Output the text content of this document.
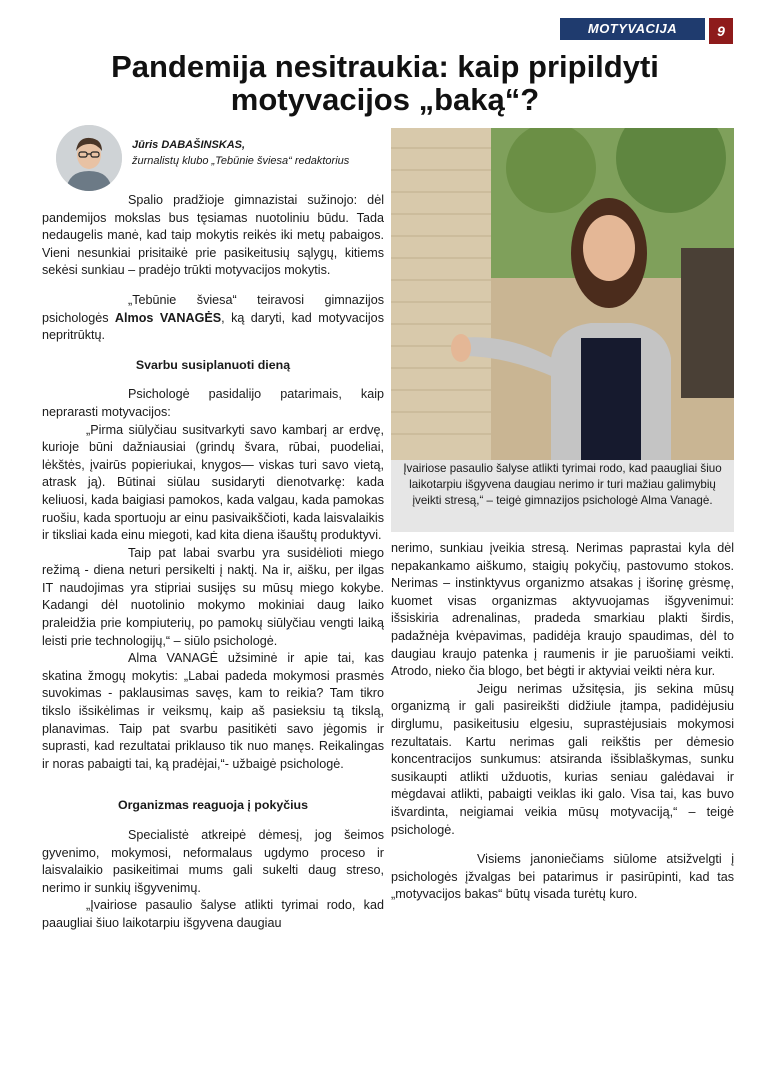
MOTYVACIJA	9
Pandemija nesitraukia: kaip pripildyti
motyvacijos „baką“?
Jūris DABAŠINSKAS,
žurnalistų klubo „Tebūnie šviesa“ redaktorius

Spalio pradžioje gimnazistai sužinojo: dėl pandemijos mokslas bus tęsiamas nuotoliniu būdu. Tada nedaugelis manė, kad taip mokytis reikės iki metų pabaigos. Vieni nesunkiai prisitaikė prie pasikeitusių sąlygų, kitiems sekėsi sunkiau – pradėjo trūkti motyvacijos mokytis.

„Tebūnie šviesa“ teiravosi gimnazijos psichologės Almos VANAGĖS, ką daryti, kad motyvacijos nepritrūktų.

Svarbu susiplanuoti dieną

Psichologė pasidalijo patarimais, kaip neprarasti motyvacijos:

„Pirma siūlyčiau susitvarkyti savo kambarį ar erdvę, kurioje būni dažniausiai (grindų švara, rūbai, puodeliai, lėkštės, įvairūs popieriukai, knygos— viskas turi savo vietą, atrask ją). Būtinai siūlau susidaryti dienotvarkę: kada keliuosi, kada baigiasi pamokos, kada valgau, kada pamokas ruošiu, kada sportuoju ar einu pasivaikščioti, kada laisvalaikis ir tiksliai kada einu miegoti, kad kita diena išauštų produktyvi.

Taip pat labai svarbu yra susidėlioti miego režimą - diena neturi persikelti į naktį. Na ir, aišku, per ilgas IT naudojimas yra stipriai susijęs su mūsų miego kokybe. Kadangi dėl nuotolinio mokymo mokiniai daug laiko praleidžia prie kompiuterių, po pamokų siūlyčiau vengti laiką leisti prie technologijų,“ – siūlo psichologė.

Alma VANAGĖ užsiminė ir apie tai, kas skatina žmogų mokytis: „Labai padeda mokymosi prasmės suvokimas - paklausimas savęs, kam to reikia? Tam tikro tikslo išsikėlimas ir veiksmų, kaip aš pasieksiu tą tikslą, planavimas. Taip pat svarbu pasitikėti savo jėgomis ir suprasti, kad rezultatai priklauso tik nuo manęs. Reikalingas ir noras pabaigti tai, ką pradėjai,“- užbaigė psichologė.

Organizmas reaguoja į pokyčius

Specialistė atkreipė dėmesį, jog šeimos gyvenimo, mokymosi, neformalaus ugdymo proceso ir laisvalaikio pasikeitimai mums gali sukelti daug streso, nerimo ir sunkių išgyvenimų.

„Įvairiose pasaulio šalyse atlikti tyrimai rodo, kad paaugliai šiuo laikotarpiu išgyvena daugiau

Įvairiose pasaulio šalyse atlikti tyrimai rodo, kad paaugliai šiuo laikotarpiu išgyvena daugiau nerimo ir turi mažiau galimybių įveikti stresą,“ – teigė gimnazijos psichologė Alma Vanagė.

nerimo, sunkiau įveikia stresą. Nerimas paprastai kyla dėl nepakankamo aiškumo, staigių pokyčių, pastovumo stokos. Nerimas – instinktyvus organizmo atsakas į išorinę grėsmę, kuomet visas organizmas aktyvuojamas išgyvenimui: išsiskiria adrenalinas, pradeda smarkiau plakti širdis, padažnėja kvėpavimas, padidėja kraujo spaudimas, dėl to daugiau kraujo patenka į raumenis ir jie paruošiami veikti. Atrodo, nieko čia blogo, bet bėgti ir aktyviai veikti nėra kur.

Jeigu nerimas užsitęsia, jis sekina mūsų organizmą ir gali pasireikšti didžiule įtampa, padidėjusiu dirglumu, pasikeitusiu elgesiu, suprastėjusiais mokymosi rezultatais. Kartu nerimas gali reikštis per dėmesio koncentracijos sunkumus: atsiranda išsiblaškymas, sunku susikaupti atlikti užduotis, kurias seniau galėdavai ir mėgdavai atlikti, pabaigti veiklas iki galo. Visa tai, kas buvo išvardinta, neigiamai veikia mūsų motyvaciją,“ – teigė psichologė.

Visiems janoniečiams siūlome atsižvelgti į psichologės įžvalgas bei patarimus ir pasirūpinti, kad tas „motyvacijos bakas“ būtų visada turėtų kuro.
